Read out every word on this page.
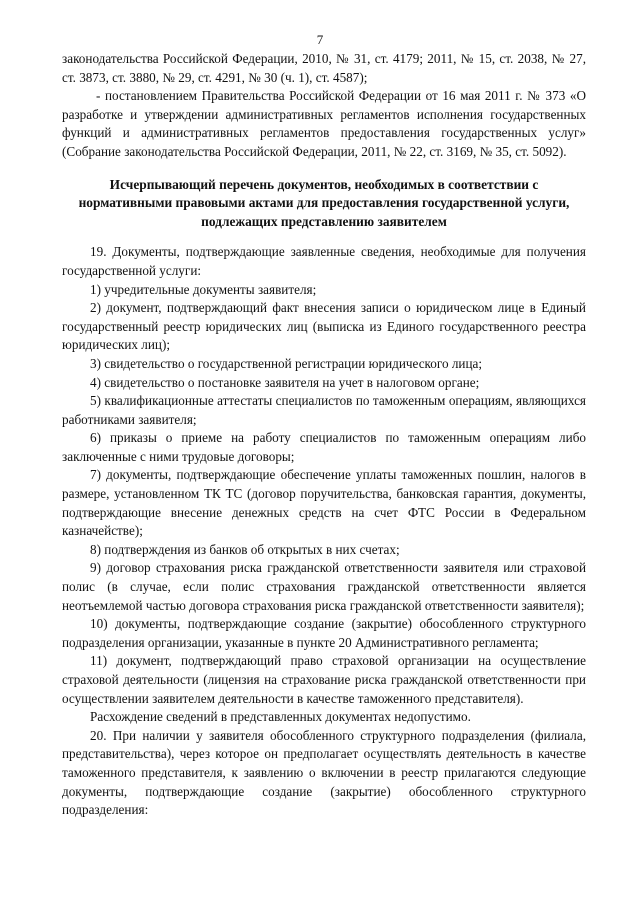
7

законодательства Российской Федерации, 2010, № 31, ст. 4179; 2011, № 15, ст. 2038, № 27, ст. 3873, ст. 3880, № 29, ст. 4291, № 30 (ч. 1), ст. 4587);

- постановлением Правительства Российской Федерации от 16 мая 2011 г. № 373 «О разработке и утверждении административных регламентов исполнения государственных функций и административных регламентов предоставления государственных услуг» (Собрание законодательства Российской Федерации, 2011, № 22, ст. 3169, № 35, ст. 5092).

Исчерпывающий перечень документов, необходимых в соответствии с нормативными правовыми актами для предоставления государственной услуги, подлежащих представлению заявителем

19. Документы, подтверждающие заявленные сведения, необходимые для получения государственной услуги:

1) учредительные документы заявителя;

2) документ, подтверждающий факт внесения записи о юридическом лице в Единый государственный реестр юридических лиц (выписка из Единого государственного реестра юридических лиц);

3) свидетельство о государственной регистрации юридического лица;

4) свидетельство о постановке заявителя на учет в налоговом органе;

5) квалификационные аттестаты специалистов по таможенным операциям, являющихся работниками заявителя;

6) приказы о приеме на работу специалистов по таможенным операциям либо заключенные с ними трудовые договоры;

7) документы, подтверждающие обеспечение уплаты таможенных пошлин, налогов в размере, установленном ТК ТС (договор поручительства, банковская гарантия, документы, подтверждающие внесение денежных средств на счет ФТС России в Федеральном казначействе);

8) подтверждения из банков об открытых в них счетах;

9) договор страхования риска гражданской ответственности заявителя или страховой полис (в случае, если полис страхования гражданской ответственности является неотъемлемой частью договора страхования риска гражданской ответственности заявителя);

10) документы, подтверждающие создание (закрытие) обособленного структурного подразделения организации, указанные в пункте 20 Административного регламента;

11) документ, подтверждающий право страховой организации на осуществление страховой деятельности (лицензия на страхование риска гражданской ответственности при осуществлении заявителем деятельности в качестве таможенного представителя).

Расхождение сведений в представленных документах недопустимо.

20. При наличии у заявителя обособленного структурного подразделения (филиала, представительства), через которое он предполагает осуществлять деятельность в качестве таможенного представителя, к заявлению о включении в реестр прилагаются следующие документы, подтверждающие создание (закрытие) обособленного структурного подразделения:
